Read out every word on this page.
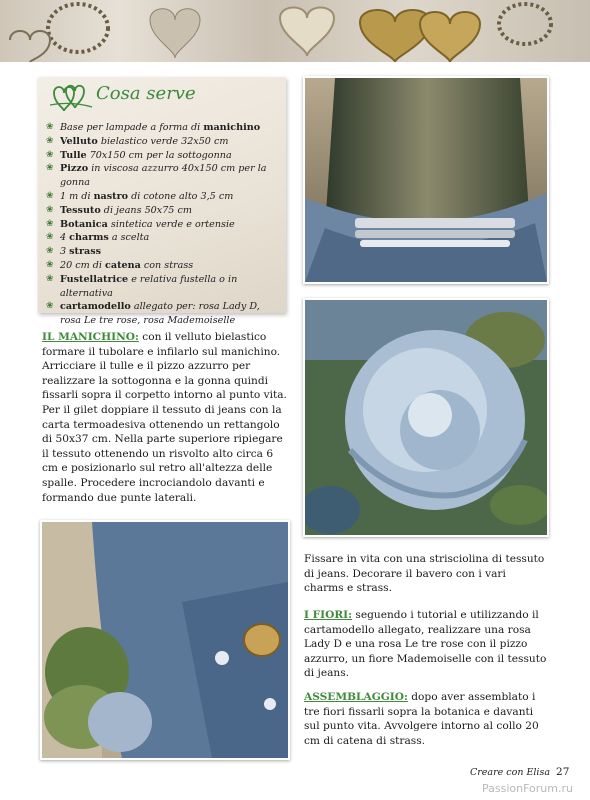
Cosa serve
❀ Base per lampade a forma di manichino
❀ Velluto bielastico verde 32x50 cm
❀ Tulle 70x150 cm per la sottogonna
❀ Pizzo in viscosa azzurro 40x150 cm per la gonna
❀ 1 m di nastro di cotone alto 3,5 cm
❀ Tessuto di jeans 50x75 cm
❀ Botanica sintetica verde e ortensie
❀ 4 charms a scelta
❀ 3 strass
❀ 20 cm di catena con strass
❀ Fustellatrice e relativa fustella o in alternativa
❀ cartamodello allegato per: rosa Lady D, rosa Le tre rose, rosa Mademoiselle
IL MANICHINO: con il velluto bielastico formare il tubolare e infilarlo sul manichino. Arricciare il tulle e il pizzo azzurro per realizzare la sottogonna e la gonna quindi fissarli sopra il corpetto intorno al punto vita. Per il gilet doppiare il tessuto di jeans con la carta termoadesiva ottenendo un rettangolo di 50x37 cm. Nella parte superiore ripiegare il tessuto ottenendo un risvolto alto circa 6 cm e posizionarlo sul retro all'altezza delle spalle. Procedere incrociandolo davanti e formando due punte laterali.
Fissare in vita con una strisciolina di tessuto di jeans. Decorare il bavero con i vari charms e strass.
I FIORI: seguendo i tutorial e utilizzando il cartamodello allegato, realizzare una rosa Lady D e una rosa Le tre rose con il pizzo azzurro, un fiore Mademoiselle con il tessuto di jeans.
ASSEMBLAGGIO: dopo aver assemblato i tre fiori fissarli sopra la botanica e davanti sul punto vita. Avvolgere intorno al collo 20 cm di catena di strass.
Creare con Elisa 27
PassionForum.ru
